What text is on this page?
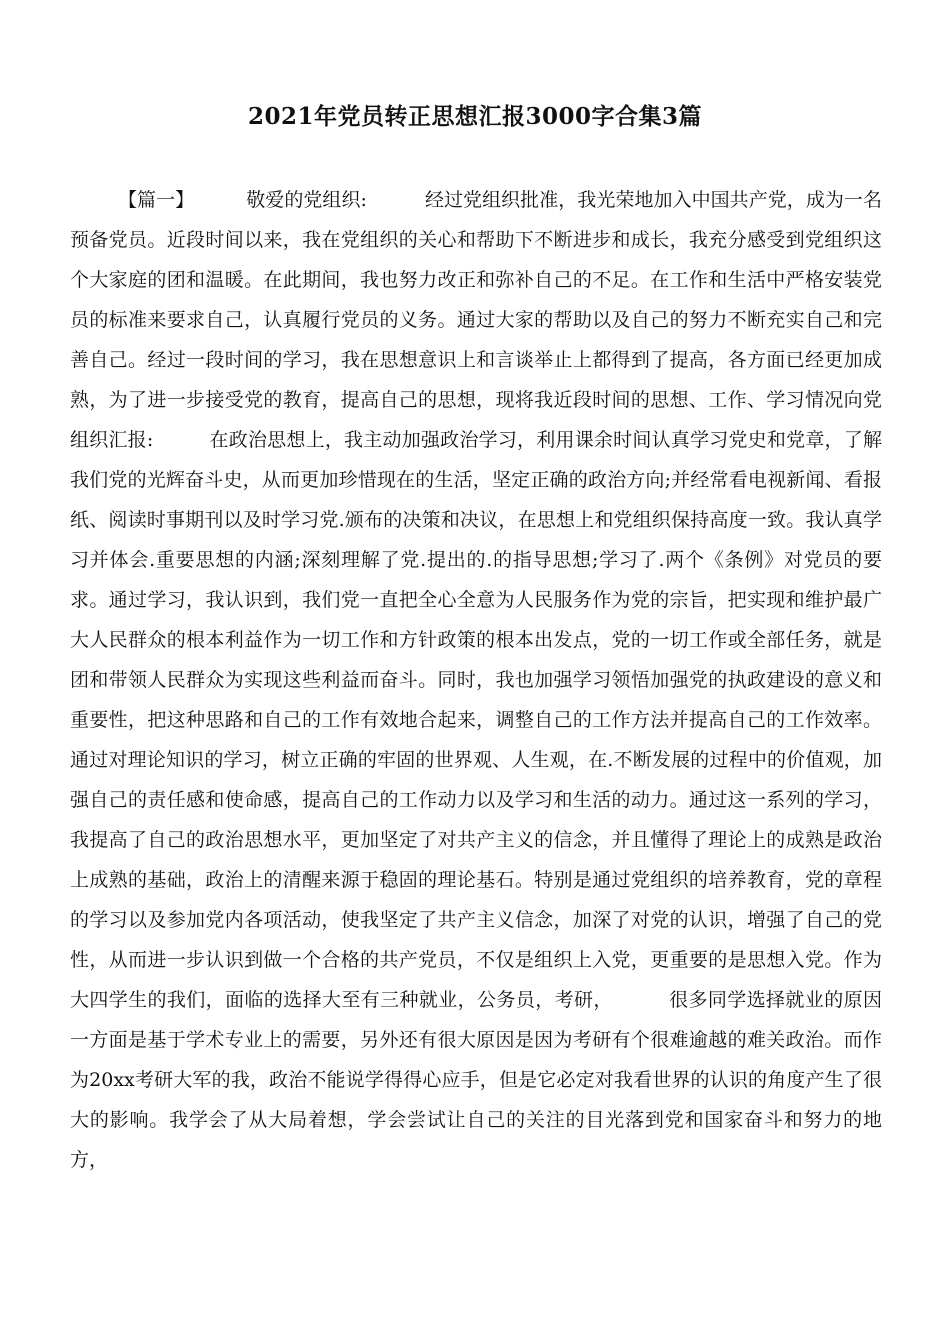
2021年党员转正思想汇报3000字合集3篇

【篇一】	敬爱的党组织:	经过党组织批准，我光荣地加入中国共产党，成为一名预备党员。近段时间以来，我在党组织的关心和帮助下不断进步和成长，我充分感受到党组织这个大家庭的团和温暖。在此期间，我也努力改正和弥补自己的不足。在工作和生活中严格安装党员的标准来要求自己，认真履行党员的义务。通过大家的帮助以及自己的努力不断充实自己和完善自己。经过一段时间的学习，我在思想意识上和言谈举止上都得到了提高，各方面已经更加成熟，为了进一步接受党的教育，提高自己的思想，现将我近段时间的思想、工作、学习情况向党组织汇报:	在政治思想上，我主动加强政治学习，利用课余时间认真学习党史和党章，了解我们党的光辉奋斗史，从而更加珍惜现在的生活，坚定正确的政治方向;并经常看电视新闻、看报纸、阅读时事期刊以及时学习党.颁布的决策和决议，在思想上和党组织保持高度一致。我认真学习并体会.重要思想的内涵;深刻理解了党.提出的.的指导思想;学习了.两个《条例》对党员的要求。通过学习，我认识到，我们党一直把全心全意为人民服务作为党的宗旨，把实现和维护最广大人民群众的根本利益作为一切工作和方针政策的根本出发点，党的一切工作或全部任务，就是团和带领人民群众为实现这些利益而奋斗。同时，我也加强学习领悟加强党的执政建设的意义和重要性，把这种思路和自己的工作有效地合起来，调整自己的工作方法并提高自己的工作效率。通过对理论知识的学习，树立正确的牢固的世界观、人生观，在.不断发展的过程中的价值观，加强自己的责任感和使命感，提高自己的工作动力以及学习和生活的动力。通过这一系列的学习，我提高了自己的政治思想水平，更加坚定了对共产主义的信念，并且懂得了理论上的成熟是政治上成熟的基础，政治上的清醒来源于稳固的理论基石。特别是通过党组织的培养教育，党的章程的学习以及参加党内各项活动，使我坚定了共产主义信念，加深了对党的认识，增强了自己的党性，从而进一步认识到做一个合格的共产党员，不仅是组织上入党，更重要的是思想入党。作为大四学生的我们，面临的选择大至有三种就业，公务员，考研，	很多同学选择就业的原因一方面是基于学术专业上的需要，另外还有很大原因是因为考研有个很难逾越的难关政治。而作为20xx考研大军的我，政治不能说学得得心应手，但是它必定对我看世界的认识的角度产生了很大的影响。我学会了从大局着想，学会尝试让自己的关注的目光落到党和国家奋斗和努力的地方，
